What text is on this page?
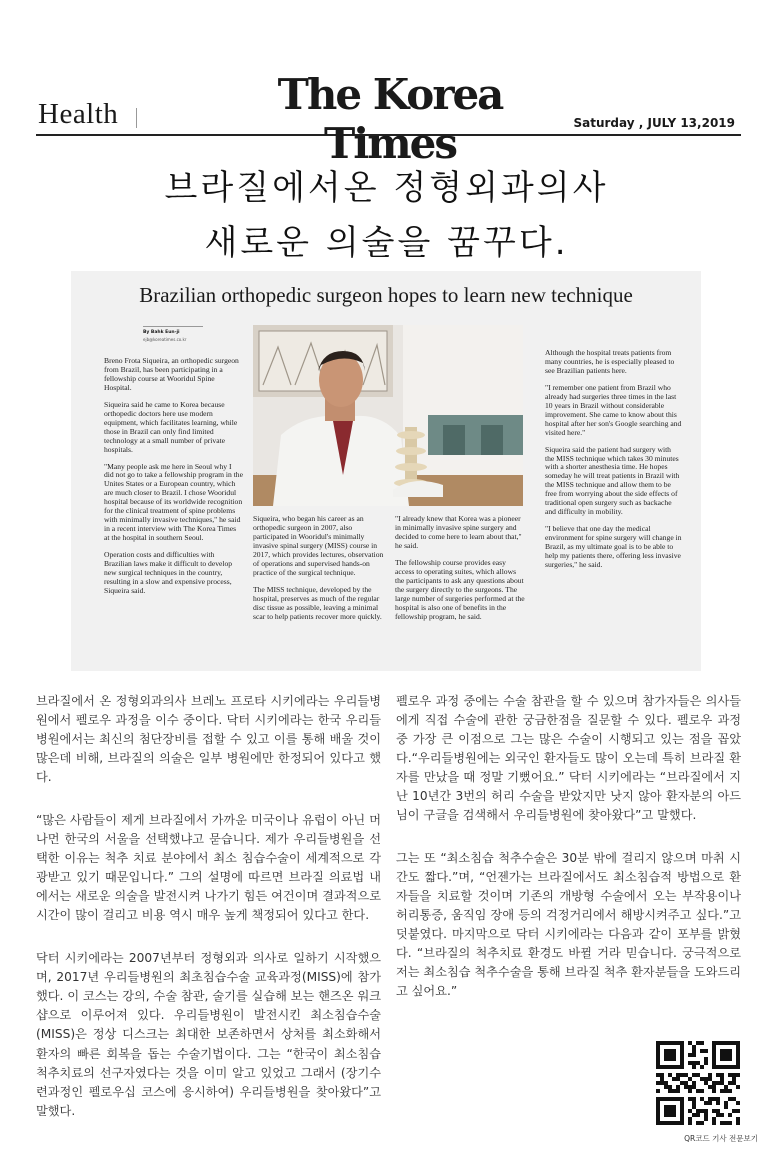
Health	The Korea Times	Saturday , JULY 13,2019
브라질에서온 정형외과의사
새로운 의술을 꿈꾸다.
Brazilian orthopedic surgeon hopes to learn new technique
By Bahk Eun-ji
ejb@koreatimes.co.kr

Breno Frota Siqueira, an orthopedic surgeon from Brazil, has been participating in a fellowship course at Wooridul Spine Hospital.

Siqueira said he came to Korea because orthopedic doctors here use modern equipment, which facilitates learning, while those in Brazil can only find limited technology at a small number of private hospitals.

"Many people ask me here in Seoul why I did not go to take a fellowship program in the Unites States or a European country, which are much closer to Brazil. I chose Wooridul hospital because of its worldwide recognition for the clinical treatment of spine problems with minimally invasive techniques," he said in a recent interview with The Korea Times at the hospital in southern Seoul.

Operation costs and difficulties with Brazilian laws make it difficult to develop new surgical techniques in the country, resulting in a slow and expensive process, Siqueira said.

Siqueira, who began his career as an orthopedic surgeon in 2007, also participated in Wooridul's minimally invasive spinal surgery (MISS) course in 2017, which provides lectures, observation of operations and supervised hands-on practice of the surgical technique.

The MISS technique, developed by the hospital, preserves as much of the regular disc tissue as possible, leaving a minimal scar to help patients recover more quickly.

"I already knew that Korea was a pioneer in minimally invasive spine surgery and decided to come here to learn about that," he said.

The fellowship course provides easy access to operating suites, which allows the participants to ask any questions about the surgery directly to the surgeons. The large number of surgeries performed at the hospital is also one of benefits in the fellowship program, he said.

Although the hospital treats patients from many countries, he is especially pleased to see Brazilian patients here.

"I remember one patient from Brazil who already had surgeries three times in the last 10 years in Brazil without considerable improvement. She came to know about this hospital after her son's Google searching and visited here."

Siqueira said the patient had surgery with the MISS technique which takes 30 minutes with a shorter anesthesia time. He hopes someday he will treat patients in Brazil with the MISS technique and allow them to be free from worrying about the side effects of traditional open surgery such as backache and difficulty in mobility.

"I believe that one day the medical environment for spine surgery will change in Brazil, as my ultimate goal is to be able to help my patients there, offering less invasive surgeries," he said.

브라질에서 온 정형외과의사 브레노 프로타 시키에라는 우리들병원에서 펠로우 과정을 이수 중이다. 닥터 시키에라는 한국 우리들병원에서는 최신의 첨단장비를 접할 수 있고 이를 통해 배울 것이 많은데 비해, 브라질의 의술은 일부 병원에만 한정되어 있다고 했다.

“많은 사람들이 제게 브라질에서 가까운 미국이나 유럽이 아닌 머나먼 한국의 서울을 선택했냐고 묻습니다. 제가 우리들병원을 선택한 이유는 척추 치료 분야에서 최소 침습수술이 세계적으로 각광받고 있기 때문입니다.” 그의 설명에 따르면 브라질 의료법 내에서는 새로운 의술을 발전시켜 나가기 힘든 여건이며 결과적으로 시간이 많이 걸리고 비용 역시 매우 높게 책정되어 있다고 한다.

닥터 시키에라는 2007년부터 정형외과 의사로 일하기 시작했으며, 2017년 우리들병원의 최초침습수술 교육과정(MISS)에 참가했다. 이 코스는 강의, 수술 참관, 술기를 실습해 보는 핸즈온 워크샵으로 이루어져 있다. 우리들병원이 발전시킨 최소침습수술(MISS)은 정상 디스크는 최대한 보존하면서 상처를 최소화해서 환자의 빠른 회복을 돕는 수술기법이다. 그는 “한국이 최소침습 척추치료의 선구자였다는 것을 이미 알고 있었고 그래서 (장기수련과정인 펠로우십 코스에 응시하여) 우리들병원을 찾아왔다”고 말했다.

펠로우 과정 중에는 수술 참관을 할 수 있으며 참가자들은 의사들에게 직접 수술에 관한 궁금한점을 질문할 수 있다. 펠로우 과정 중 가장 큰 이점으로 그는 많은 수술이 시행되고 있는 점을 꼽았다.“우리들병원에는 외국인 환자들도 많이 오는데 특히 브라질 환자를 만났을 때 정말 기뻤어요.” 닥터 시키에라는 “브라질에서 지난 10년간 3번의 허리 수술을 받았지만 낫지 않아 환자분의 아드님이 구글을 검색해서 우리들병원에 찾아왔다”고 말했다.

그는 또 “최소침습 척추수술은 30분 밖에 걸리지 않으며 마취 시간도 짧다.”며, “언젠가는 브라질에서도 최소침습적 방법으로 환자들을 치료할 것이며 기존의 개방형 수술에서 오는 부작용이나 허리통증, 움직임 장애 등의 걱정거리에서 해방시켜주고 싶다.”고 덧붙였다. 마지막으로 닥터 시키에라는 다음과 같이 포부를 밝혔다. “브라질의 척추치료 환경도 바뀔 거라 믿습니다. 궁극적으로 저는 최소침습 척추수술을 통해 브라질 척추 환자분들을 도와드리고 싶어요.”

QR코드 기사 전문보기
